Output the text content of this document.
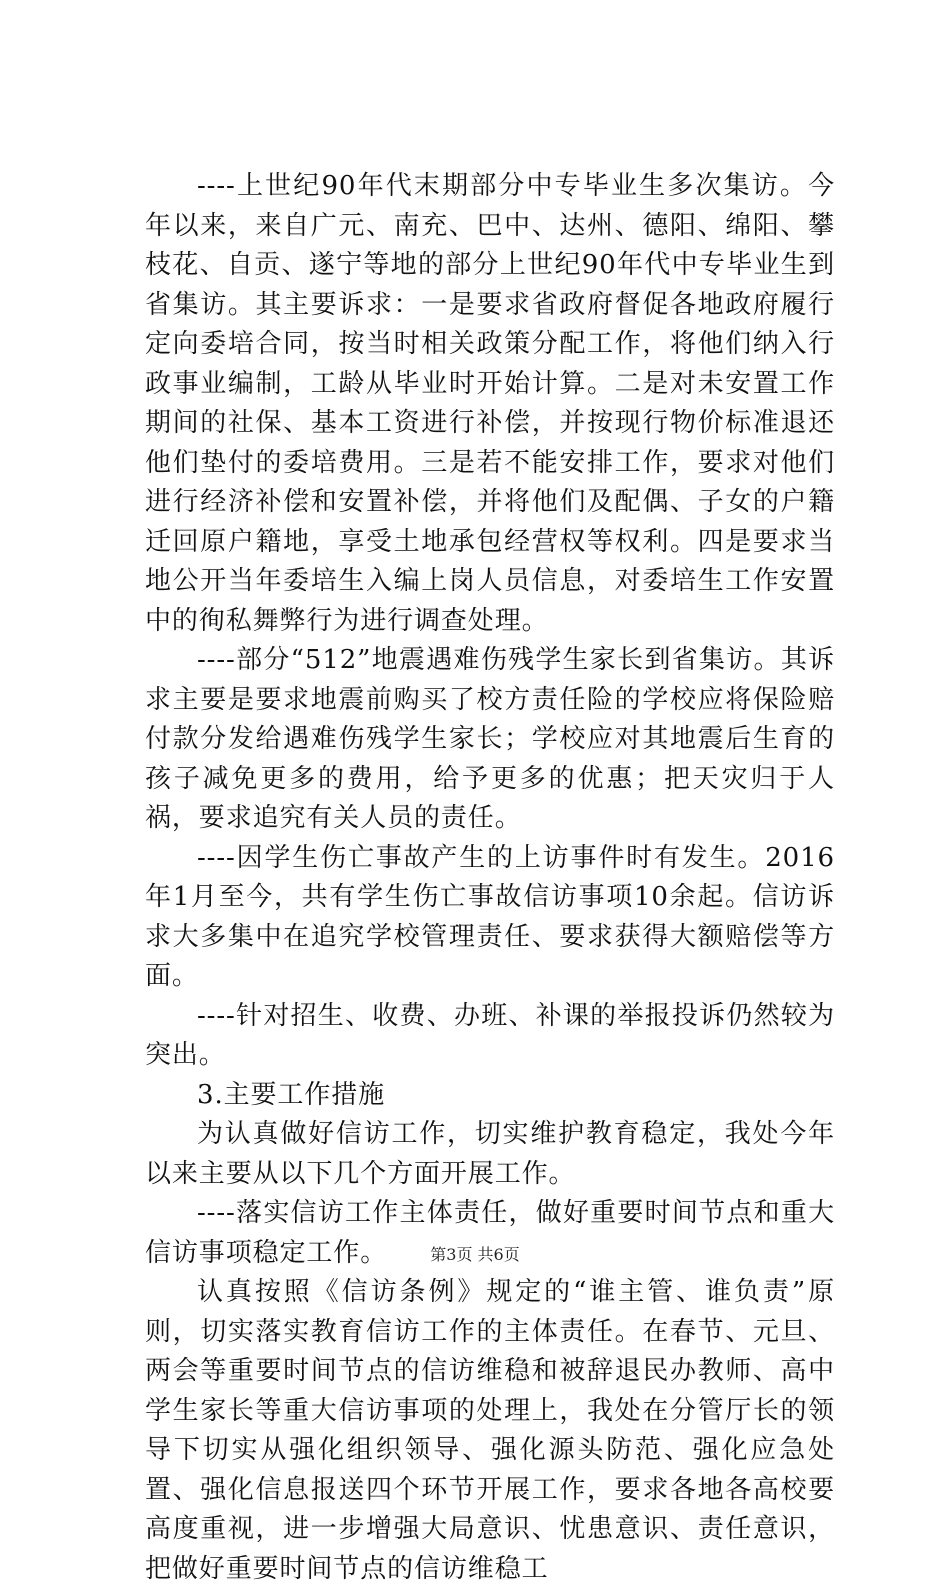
----上世纪90年代末期部分中专毕业生多次集访。今年以来，来自广元、南充、巴中、达州、德阳、绵阳、攀枝花、自贡、遂宁等地的部分上世纪90年代中专毕业生到省集访。其主要诉求：一是要求省政府督促各地政府履行定向委培合同，按当时相关政策分配工作，将他们纳入行政事业编制，工龄从毕业时开始计算。二是对未安置工作期间的社保、基本工资进行补偿，并按现行物价标准退还他们垫付的委培费用。三是若不能安排工作，要求对他们进行经济补偿和安置补偿，并将他们及配偶、子女的户籍迁回原户籍地，享受土地承包经营权等权利。四是要求当地公开当年委培生入编上岗人员信息，对委培生工作安置中的徇私舞弊行为进行调查处理。

----部分“512”地震遇难伤残学生家长到省集访。其诉求主要是要求地震前购买了校方责任险的学校应将保险赔付款分发给遇难伤残学生家长；学校应对其地震后生育的孩子减免更多的费用，给予更多的优惠；把天灾归于人祸，要求追究有关人员的责任。

----因学生伤亡事故产生的上访事件时有发生。2016年1月至今，共有学生伤亡事故信访事项10余起。信访诉求大多集中在追究学校管理责任、要求获得大额赔偿等方面。

----针对招生、收费、办班、补课的举报投诉仍然较为突出。

3.主要工作措施

为认真做好信访工作，切实维护教育稳定，我处今年以来主要从以下几个方面开展工作。

----落实信访工作主体责任，做好重要时间节点和重大信访事项稳定工作。

认真按照《信访条例》规定的“谁主管、谁负责”原则，切实落实教育信访工作的主体责任。在春节、元旦、两会等重要时间节点的信访维稳和被辞退民办教师、高中学生家长等重大信访事项的处理上，我处在分管厅长的领导下切实从强化组织领导、强化源头防范、强化应急处置、强化信息报送四个环节开展工作，要求各地各高校要高度重视，进一步增强大局意识、忧患意识、责任意识，把做好重要时间节点的信访维稳工

第3页 共6页
